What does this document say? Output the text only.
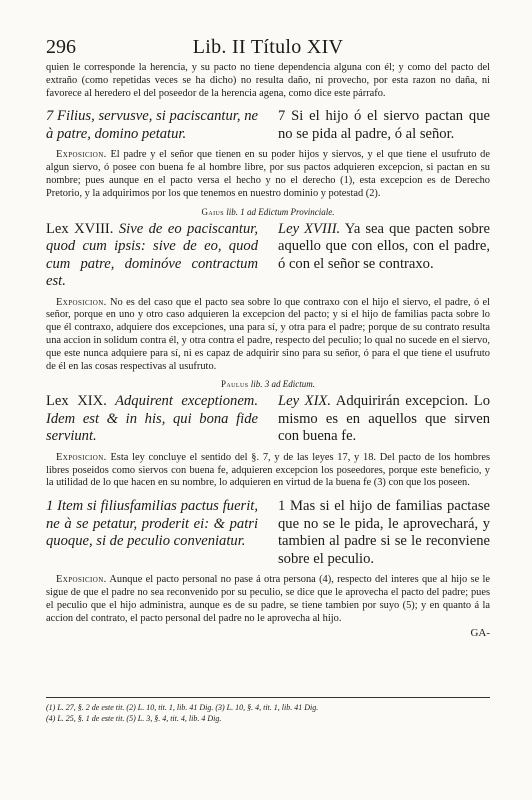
296	Lib. II Título XIV
quien le corresponde la herencia, y su pacto no tiene dependencia alguna con él; y como del pacto del extraño (como repetidas veces se ha dicho) no resulta daño, ni provecho, por esta razon no daña, ni favorece al heredero el del poseedor de la herencia agena, como dice este párrafo.
7 Filius, servusve, si paciscantur, ne à patre, domino petatur.
7 Si el hijo ó el siervo pactan que no se pida al padre, ó al señor.
Exposicion. El padre y el señor que tienen en su poder hijos y siervos, y el que tiene el usufruto de algun siervo, ó posee con buena fe al hombre libre, por sus pactos adquieren excepcion, si pactan en su nombre; pues aunque en el pacto versa el hecho y no el derecho (1), esta excepcion es de Derecho Pretorio, y la adquirimos por los que tenemos en nuestro dominio y potestad (2).
Gaius lib. 1 ad Edictum Provinciale.
Lex XVIII. Sive de eo paciscantur, quod cum ipsis: sive de eo, quod cum patre, dominóve contractum est.
Ley XVIII. Ya sea que pacten sobre aquello que con ellos, con el padre, ó con el señor se contraxo.
Exposicion. No es del caso que el pacto sea sobre lo que contraxo con el hijo el siervo, el padre, ó el señor, porque en uno y otro caso adquieren la excepcion del pacto; y si el hijo de familias pacta sobre lo que él contraxo, adquiere dos excepciones, una para sí, y otra para el padre; porque de su contrato resulta una accion in solidum contra él, y otra contra el padre, respecto del peculio; lo qual no sucede en el siervo, que este nunca adquiere para sí, ni es capaz de adquirir sino para su señor, ó para el que tiene el usufruto de él en las cosas respectivas al usufruto.
Paulus lib. 3 ad Edictum.
Lex XIX. Adquirent exceptionem. Idem est & in his, qui bona fide serviunt.
Ley XIX. Adquirirán excepcion. Lo mismo es en aquellos que sirven con buena fe.
Exposicion. Esta ley concluye el sentido del §. 7, y de las leyes 17, y 18. Del pacto de los hombres libres poseidos como siervos con buena fe, adquieren excepcion los poseedores, porque este beneficio, y la utilidad de lo que hacen en su nombre, lo adquieren en virtud de la buena fe (3) con que los poseen.
1 Item si filiusfamilias pactus fuerit, ne à se petatur, proderit ei: & patri quoque, si de peculio conveniatur.
1 Mas si el hijo de familias pactase que no se le pida, le aprovechará, y tambien al padre si se le reconviene sobre el peculio.
Exposicion. Aunque el pacto personal no pase á otra persona (4), respecto del interes que al hijo se le sigue de que el padre no sea reconvenido por su peculio, se dice que le aprovecha el pacto del padre; pues el peculio que el hijo administra, aunque es de su padre, se tiene tambien por suyo (5); y en quanto á la accion del contrato, el pacto personal del padre no le aprovecha al hijo.
GA-
(1) L. 27, §. 2 de este tit. (2) L. 10, tit. 1, lib. 41 Dig. (3) L. 10, §. 4, tit. 1, lib. 41 Dig.
(4) L. 25, §. 1 de este tit. (5) L. 3, §. 4, tit. 4, lib. 4 Dig.
